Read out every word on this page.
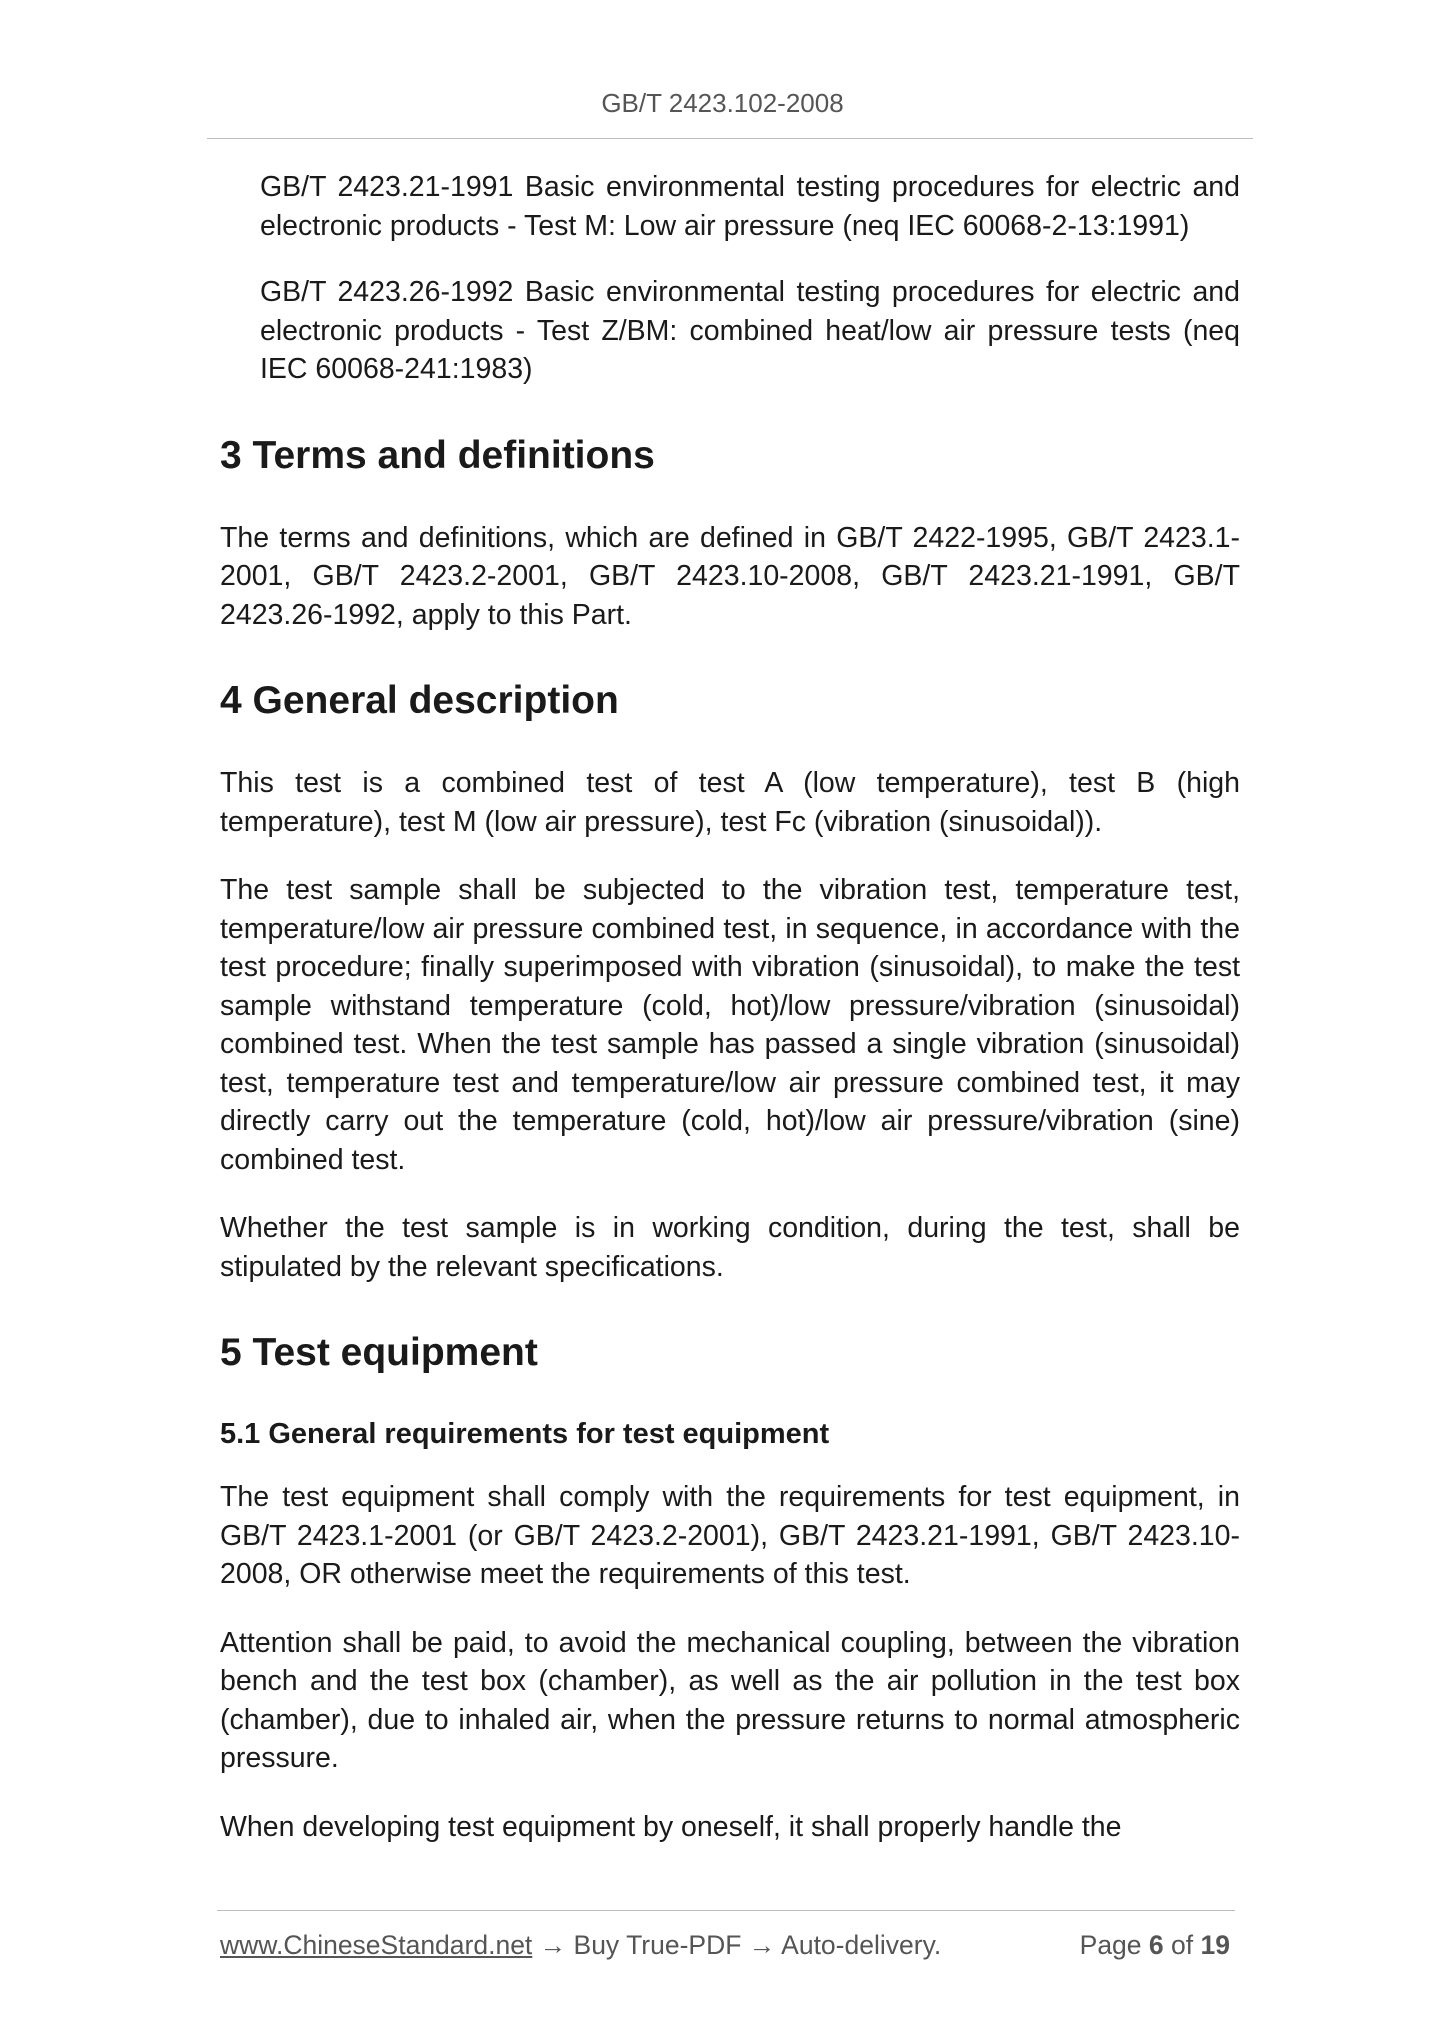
GB/T 2423.102-2008

GB/T 2423.21-1991 Basic environmental testing procedures for electric and electronic products - Test M: Low air pressure (neq IEC 60068-2-13:1991)

GB/T 2423.26-1992 Basic environmental testing procedures for electric and electronic products - Test Z/BM: combined heat/low air pressure tests (neq IEC 60068-241:1983)

3 Terms and definitions

The terms and definitions, which are defined in GB/T 2422-1995, GB/T 2423.1-2001, GB/T 2423.2-2001, GB/T 2423.10-2008, GB/T 2423.21-1991, GB/T 2423.26-1992, apply to this Part.

4 General description

This test is a combined test of test A (low temperature), test B (high temperature), test M (low air pressure), test Fc (vibration (sinusoidal)).

The test sample shall be subjected to the vibration test, temperature test, temperature/low air pressure combined test, in sequence, in accordance with the test procedure; finally superimposed with vibration (sinusoidal), to make the test sample withstand temperature (cold, hot)/low pressure/vibration (sinusoidal) combined test. When the test sample has passed a single vibration (sinusoidal) test, temperature test and temperature/low air pressure combined test, it may directly carry out the temperature (cold, hot)/low air pressure/vibration (sine) combined test.

Whether the test sample is in working condition, during the test, shall be stipulated by the relevant specifications.

5 Test equipment
5.1 General requirements for test equipment

The test equipment shall comply with the requirements for test equipment, in GB/T 2423.1-2001 (or GB/T 2423.2-2001), GB/T 2423.21-1991, GB/T 2423.10-2008, OR otherwise meet the requirements of this test.

Attention shall be paid, to avoid the mechanical coupling, between the vibration bench and the test box (chamber), as well as the air pollution in the test box (chamber), due to inhaled air, when the pressure returns to normal atmospheric pressure.

When developing test equipment by oneself, it shall properly handle the

www.ChineseStandard.net → Buy True-PDF → Auto-delivery.	Page 6 of 19
